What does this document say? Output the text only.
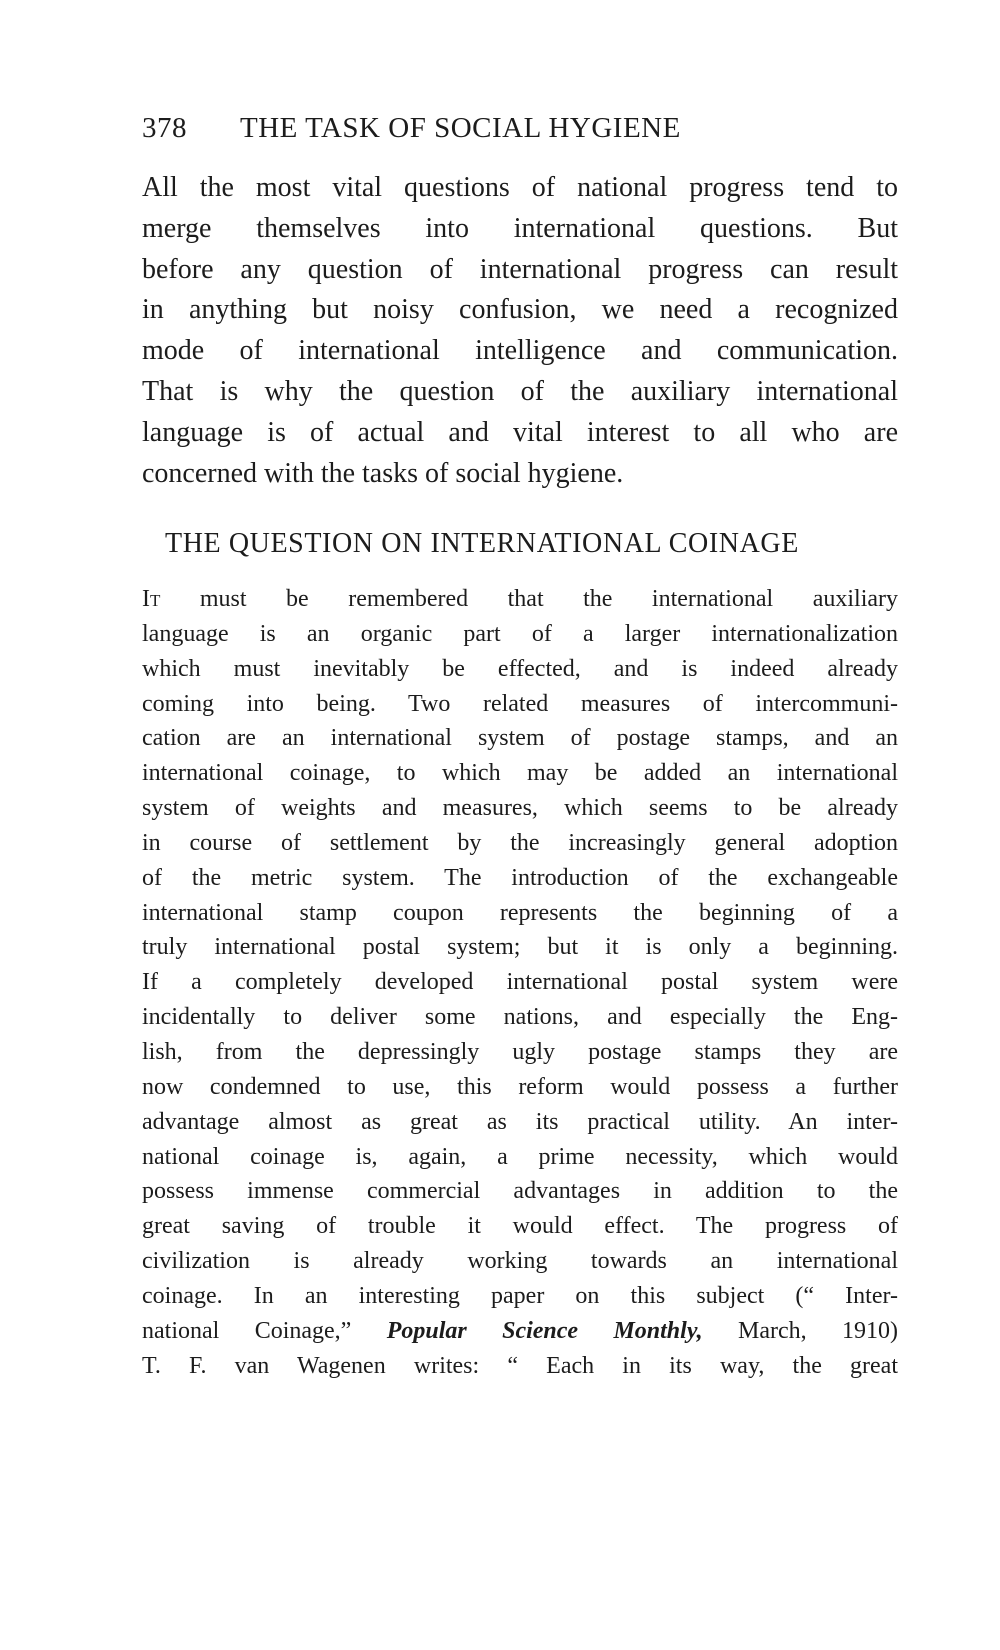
378 THE TASK OF SOCIAL HYGIENE
All the most vital questions of national progress tend to
merge themselves into international questions. But
before any question of international progress can result
in anything but noisy confusion, we need a recognized
mode of international intelligence and communication.
That is why the question of the auxiliary international
language is of actual and vital interest to all who are
concerned with the tasks of social hygiene.
THE QUESTION ON INTERNATIONAL COINAGE
It must be remembered that the international auxiliary
language is an organic part of a larger internationalization
which must inevitably be effected, and is indeed already
coming into being. Two related measures of intercommuni-
cation are an international system of postage stamps, and an
international coinage, to which may be added an international
system of weights and measures, which seems to be already
in course of settlement by the increasingly general adoption
of the metric system. The introduction of the exchangeable
international stamp coupon represents the beginning of a
truly international postal system; but it is only a beginning.
If a completely developed international postal system were
incidentally to deliver some nations, and especially the Eng-
lish, from the depressingly ugly postage stamps they are
now condemned to use, this reform would possess a further
advantage almost as great as its practical utility. An inter-
national coinage is, again, a prime necessity, which would
possess immense commercial advantages in addition to the
great saving of trouble it would effect. The progress of
civilization is already working towards an international
coinage. In an interesting paper on this subject (“ Inter-
national Coinage,” Popular Science Monthly, March, 1910)
T. F. van Wagenen writes: “ Each in its way, the great
